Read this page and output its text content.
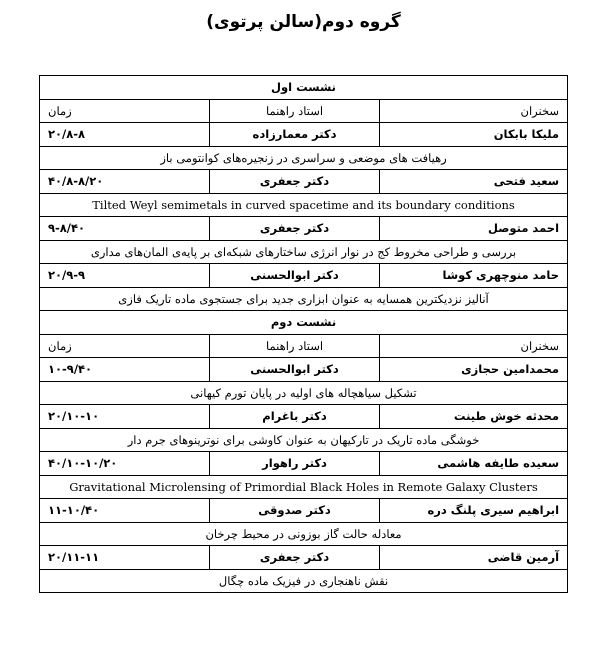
گروه دوم(سالن پرتوی)
نشست اول		
سخنران	استاد راهنما	زمان
ملیکا بابکان	دکتر معمارزاده	۲۰/۸-۸
رهیافت های موضعی و سراسری در زنجیره‌های کوانتومی باز		
سعید فتحی	دکتر جعفری	۴۰/۸-۸/۲۰
Tilted Weyl semimetals in curved spacetime and its boundary conditions		
احمد متوصل	دکتر جعفری	۹-۸/۴۰
بررسی و طراحی مخروط کج در نوار انرژی ساختارهای شبکه‌ای بر پایه‌ی المان‌های مداری		
حامد منوچهری کوشا	دکتر ابوالحسنی	۲۰/۹-۹
آنالیز نزدیکترین همسایه به عنوان ابزاری جدید برای جستجوی ماده تاریک فازی		
نشست دوم		
سخنران	استاد راهنما	زمان
محمدامین حجازی	دکتر ابوالحسنی	۱۰-۹/۴۰
تشکیل سیاهچاله های اولیه در پایان تورم کیهانی		
محدثه خوش طینت	دکتر باغرام	۲۰/۱۰-۱۰
خوشگی ماده تاریک در تارکیهان به عنوان کاوشی برای نوترینوهای جرم دار		
سعیده طایفه هاشمی	دکتر راهوار	۴۰/۱۰-۱۰/۲۰
Gravitational Microlensing of Primordial Black Holes in Remote Galaxy Clusters		
ابراهیم سیری پلنگ دره	دکتر صدوقی	۱۱-۱۰/۴۰
معادله حالت گاز بوزونی در محیط چرخان		
آرمین قاضی	دکتر جعفری	۲۰/۱۱-۱۱
نقش ناهنجاری در فیزیک ماده چگال		
